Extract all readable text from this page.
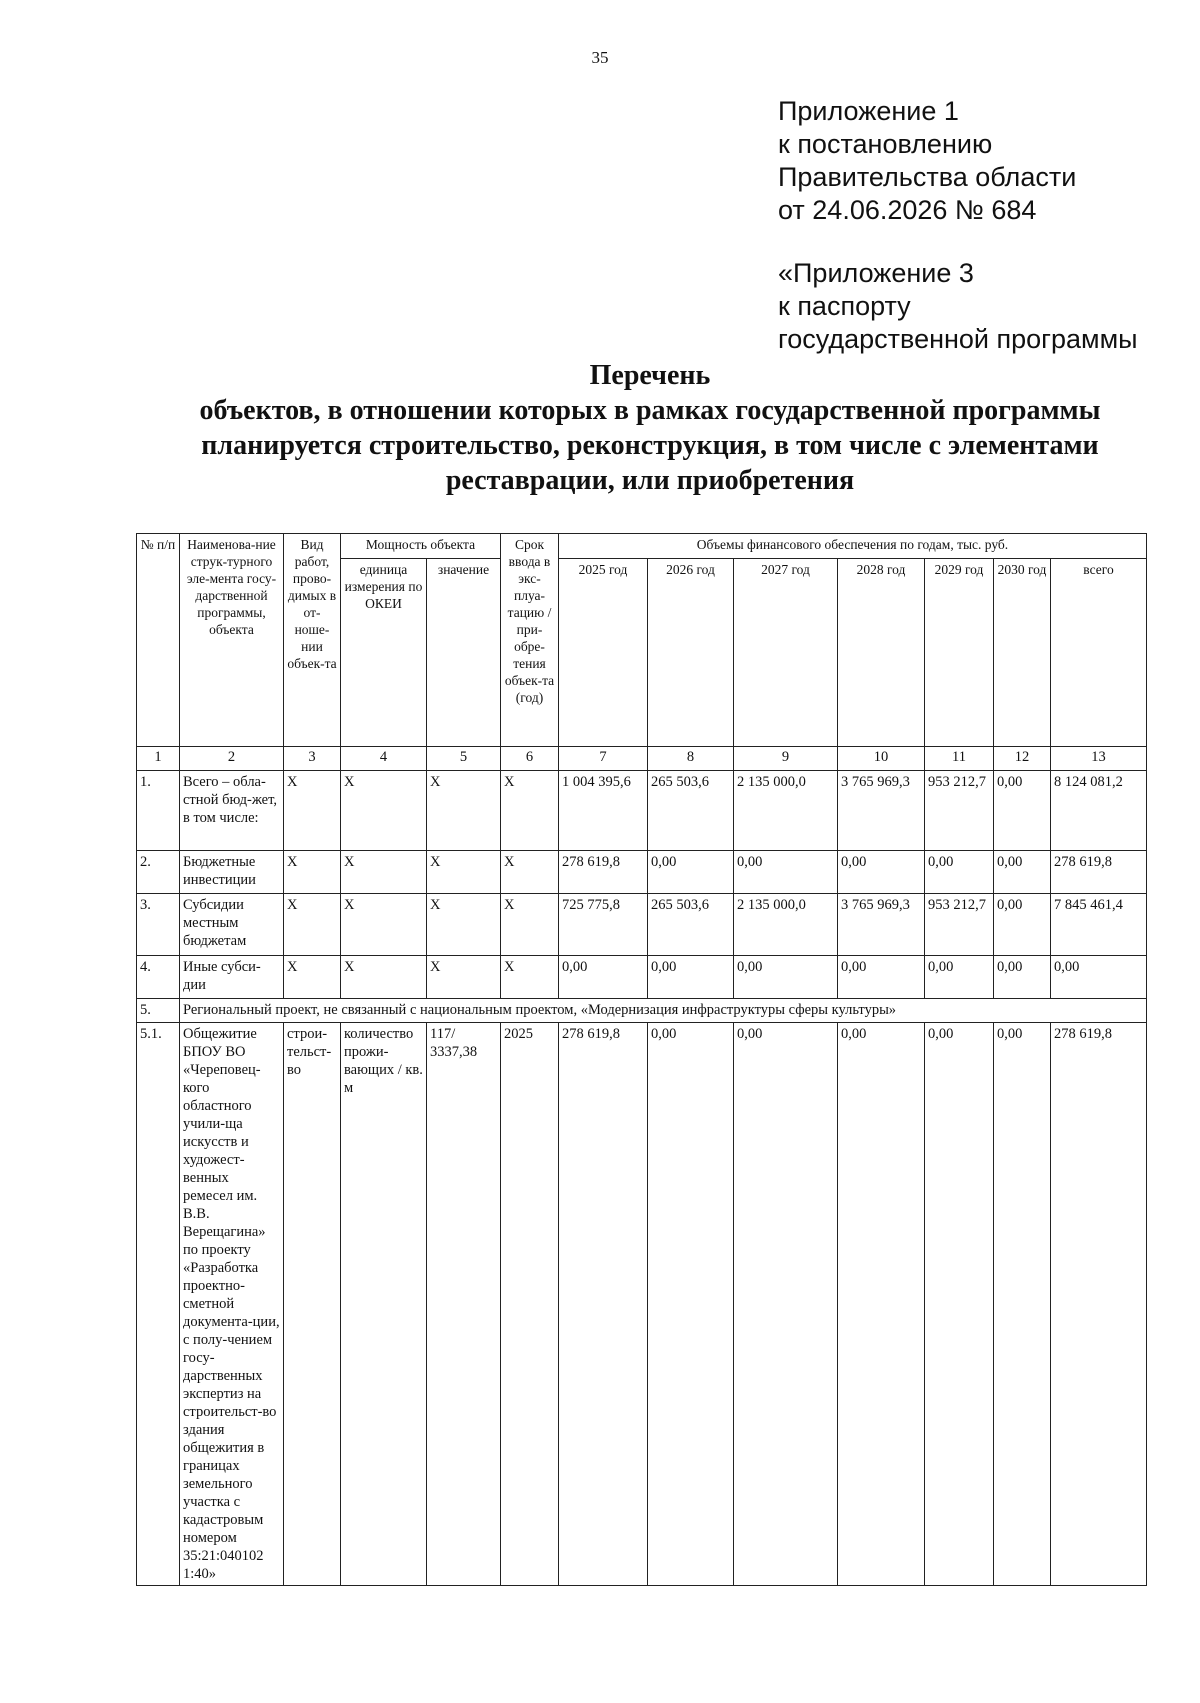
35
Приложение 1
к постановлению
Правительства области
от 24.06.2026 № 684
«Приложение 3
к паспорту
государственной программы
Перечень
объектов, в отношении которых в рамках государственной программы
планируется строительство, реконструкция, в том числе с элементами
реставрации, или приобретения
№ п/п	Наименова-ние струк-турного эле-мента госу-дарственной программы, объекта	Вид работ, прово-димых в от-ноше-нии объек-та	Мощность объекта		Срок ввода в экс-плуа-тацию / при-обре-тения объек-та (год)	Объемы финансового обеспечения по годам, тыс. руб.						
			единица измерения по ОКЕИ	значение		2025 год	2026 год	2027 год	2028 год	2029 год	2030 год	всего
1	2	3	4	5	6	7	8	9	10	11	12	13
1.	Всего – обла-стной бюд-жет, в том числе:	X	X	X	X	1 004 395,6	265 503,6	2 135 000,0	3 765 969,3	953 212,7	0,00	8 124 081,2
2.	Бюджетные инвестиции	X	X	X	X	278 619,8	0,00	0,00	0,00	0,00	0,00	278 619,8
3.	Субсидии местным бюджетам	X	X	X	X	725 775,8	265 503,6	2 135 000,0	3 765 969,3	953 212,7	0,00	7 845 461,4
4.	Иные субси-дии	X	X	X	X	0,00	0,00	0,00	0,00	0,00	0,00	0,00
5.	Региональный проект, не связанный с национальным проектом, «Модернизация инфраструктуры сферы культуры»											
5.1.	Общежитие БПОУ ВО «Череповец-кого областного учили-ща искусств и художест-венных ремесел им. В.В. Верещагина» по проекту «Разработка проектно-сметной документа-ции, с полу-чением госу-дарственных экспертиз на строительст-во здания общежития в границах земельного участка с кадастровым номером 35:21:040102 1:40»	строи-тельст-во	количество прожи-вающих / кв. м	117/ 3337,38	2025	278 619,8	0,00	0,00	0,00	0,00	0,00	278 619,8
